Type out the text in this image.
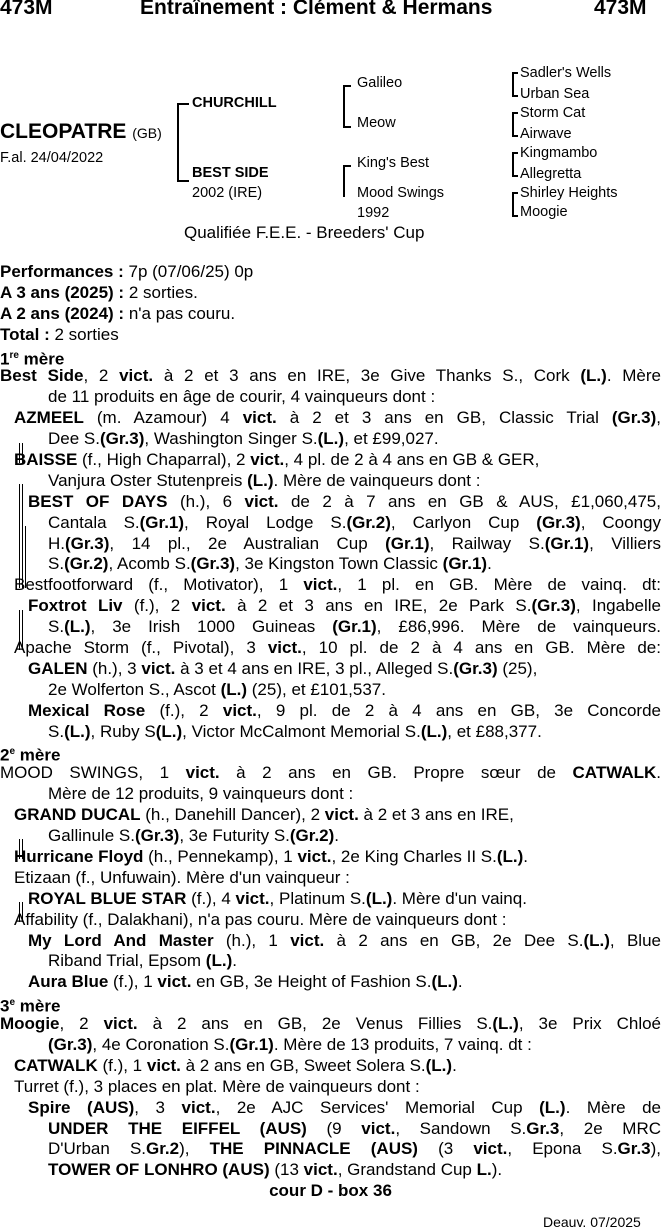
473M	Entraînement : Clément & Hermans	473M
CLEOPATRE (GB)
F.al. 24/04/2022
CHURCHILL
BEST SIDE
2002 (IRE)
Galileo
Meow
King's Best
Mood Swings
1992
Sadler's Wells
Urban Sea
Storm Cat
Airwave
Kingmambo
Allegretta
Shirley Heights
Moogie
Qualifiée F.E.E. - Breeders' Cup
Performances : 7p (07/06/25) 0p
A 3 ans (2025) : 2 sorties.
A 2 ans (2024) : n'a pas couru.
Total : 2 sorties
1re mère
Best Side, 2 vict. à 2 et 3 ans en IRE, 3e Give Thanks S., Cork (L.). Mère
de 11 produits en âge de courir, 4 vainqueurs dont :
AZMEEL (m. Azamour) 4 vict. à 2 et 3 ans en GB, Classic Trial (Gr.3),
Dee S.(Gr.3), Washington Singer S.(L.), et £99,027.
BAISSE (f., High Chaparral), 2 vict., 4 pl. de 2 à 4 ans en GB & GER,
Vanjura Oster Stutenpreis (L.). Mère de vainqueurs dont :
BEST OF DAYS (h.), 6 vict. de 2 à 7 ans en GB & AUS, £1,060,475,
Cantala S.(Gr.1), Royal Lodge S.(Gr.2), Carlyon Cup (Gr.3), Coongy
H.(Gr.3), 14 pl., 2e Australian Cup (Gr.1), Railway S.(Gr.1), Villiers
S.(Gr.2), Acomb S.(Gr.3), 3e Kingston Town Classic (Gr.1).
Bestfootforward (f., Motivator), 1 vict., 1 pl. en GB. Mère de vainq. dt:
Foxtrot Liv (f.), 2 vict. à 2 et 3 ans en IRE, 2e Park S.(Gr.3), Ingabelle
S.(L.), 3e Irish 1000 Guineas (Gr.1), £86,996. Mère de vainqueurs.
Apache Storm (f., Pivotal), 3 vict., 10 pl. de 2 à 4 ans en GB. Mère de:
GALEN (h.), 3 vict. à 3 et 4 ans en IRE, 3 pl., Alleged S.(Gr.3) (25),
2e Wolferton S., Ascot (L.) (25), et £101,537.
Mexical Rose (f.), 2 vict., 9 pl. de 2 à 4 ans en GB, 3e Concorde
S.(L.), Ruby S(L.), Victor McCalmont Memorial S.(L.), et £88,377.
2e mère
MOOD SWINGS, 1 vict. à 2 ans en GB. Propre sœur de CATWALK.
Mère de 12 produits, 9 vainqueurs dont :
GRAND DUCAL (h., Danehill Dancer), 2 vict. à 2 et 3 ans en IRE,
Gallinule S.(Gr.3), 3e Futurity S.(Gr.2).
Hurricane Floyd (h., Pennekamp), 1 vict., 2e King Charles II S.(L.).
Etizaan (f., Unfuwain). Mère d'un vainqueur :
ROYAL BLUE STAR (f.), 4 vict., Platinum S.(L.). Mère d'un vainq.
Affability (f., Dalakhani), n'a pas couru. Mère de vainqueurs dont :
My Lord And Master (h.), 1 vict. à 2 ans en GB, 2e Dee S.(L.), Blue
Riband Trial, Epsom (L.).
Aura Blue (f.), 1 vict. en GB, 3e Height of Fashion S.(L.).
3e mère
Moogie, 2 vict. à 2 ans en GB, 2e Venus Fillies S.(L.), 3e Prix Chloé
(Gr.3), 4e Coronation S.(Gr.1). Mère de 13 produits, 7 vainq. dt :
CATWALK (f.), 1 vict. à 2 ans en GB, Sweet Solera S.(L.).
Turret (f.), 3 places en plat. Mère de vainqueurs dont :
Spire (AUS), 3 vict., 2e AJC Services' Memorial Cup (L.). Mère de
UNDER THE EIFFEL (AUS) (9 vict., Sandown S.Gr.3, 2e MRC
D'Urban S.Gr.2), THE PINNACLE (AUS) (3 vict., Epona S.Gr.3),
TOWER OF LONHRO (AUS) (13 vict., Grandstand Cup L.).
cour D - box 36
Deauv. 07/2025
